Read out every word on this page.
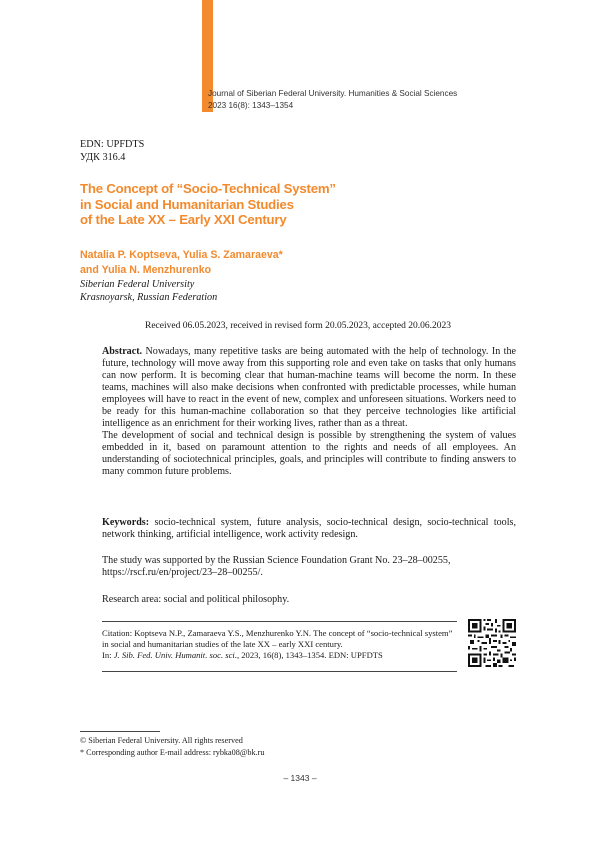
Journal of Siberian Federal University. Humanities & Social Sciences
2023 16(8): 1343–1354
EDN: UPFDTS
УДК 316.4
The Concept of “Socio-Technical System”
in Social and Humanitarian Studies
of the Late XX – Early XXI Century
Natalia P. Koptseva, Yulia S. Zamaraeva*
and Yulia N. Menzhurenko
Siberian Federal University
Krasnoyarsk, Russian Federation
Received 06.05.2023, received in revised form 20.05.2023, accepted 20.06.2023

Abstract. Nowadays, many repetitive tasks are being automated with the help of technology. In the future, technology will move away from this supporting role and even take on tasks that only humans can now perform. It is becoming clear that human-machine teams will become the norm. In these teams, machines will also make decisions when confronted with predictable processes, while human employees will have to react in the event of new, complex and unforeseen situations. Workers need to be ready for this human-machine collaboration so that they perceive technologies like artificial intelligence as an enrichment for their working lives, rather than as a threat.

The development of social and technical design is possible by strengthening the system of values embedded in it, based on paramount attention to the rights and needs of all employees. An understanding of sociotechnical principles, goals, and principles will contribute to finding answers to many common future problems.

Keywords: socio-technical system, future analysis, socio-technical design, socio-technical tools, network thinking, artificial intelligence, work activity redesign.
The study was supported by the Russian Science Foundation Grant No. 23–28–00255, https://rscf.ru/en/project/23–28–00255/.
Research area: social and political philosophy.
Citation: Koptseva N.P., Zamaraeva Y.S., Menzhurenko Y.N. The concept of “socio-technical system” in social and humanitarian studies of the late XX – early XXI century.
In: J. Sib. Fed. Univ. Humanit. soc. sci., 2023, 16(8), 1343–1354. EDN: UPFDTS
© Siberian Federal University. All rights reserved
* Corresponding author E-mail address: rybka08@bk.ru
– 1343 –
